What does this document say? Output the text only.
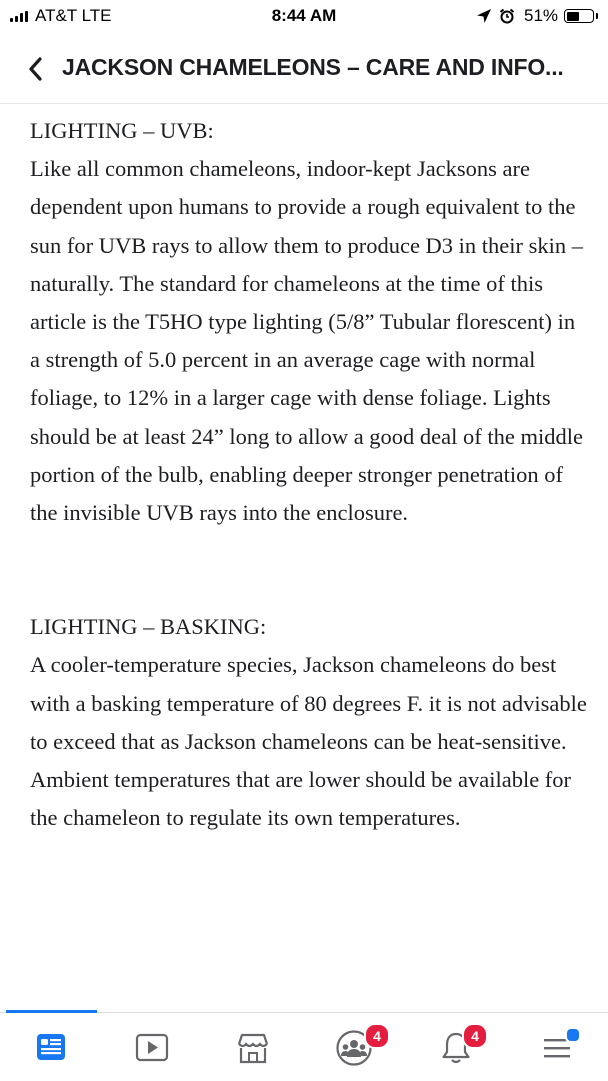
AT&T LTE	8:44 AM	51%
JACKSON CHAMELEONS – CARE AND INFO...

LIGHTING – UVB:

Like all common chameleons, indoor-kept Jacksons are dependent upon humans to provide a rough equivalent to the sun for UVB rays to allow them to produce D3 in their skin – naturally. The standard for chameleons at the time of this article is the T5HO type lighting (5/8” Tubular florescent) in a strength of 5.0 percent in an average cage with normal foliage, to 12% in a larger cage with dense foliage. Lights should be at least 24” long to allow a good deal of the middle portion of the bulb, enabling deeper stronger penetration of the invisible UVB rays into the enclosure.

LIGHTING – BASKING:

A cooler-temperature species, Jackson chameleons do best with a basking temperature of 80 degrees F. it is not advisable to exceed that as Jackson chameleons can be heat-sensitive. Ambient temperatures that are lower should be available for the chameleon to regulate its own temperatures.

4	4
